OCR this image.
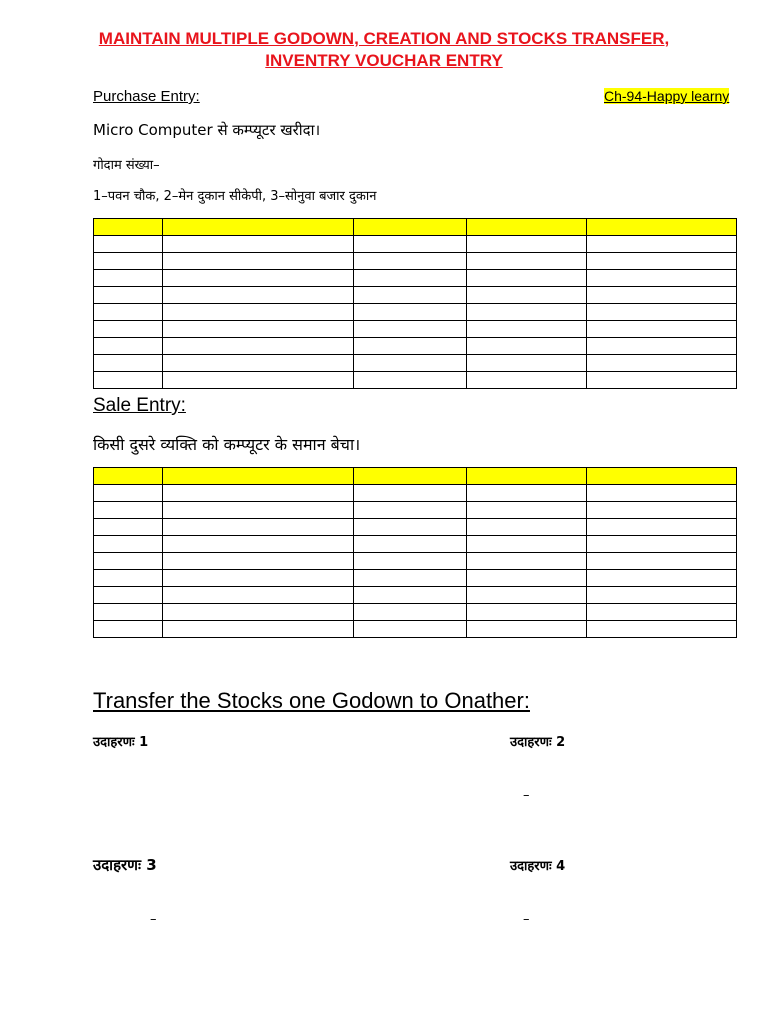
MAINTAIN MULTIPLE GODOWN, CREATION AND STOCKS TRANSFER,
INVENTRY VOUCHAR ENTRY
Purchase Entry:	Ch-94-Happy learny
Micro Computer से कम्प्यूटर खरीदा।
गोदाम संख्या–
1–पवन चौक, 2–मेन दुकान सीकेपी, 3–सोनुवा बजार दुकान

Sale Entry:
किसी दुसरे व्यक्ति को कम्प्यूटर के समान बेचा।

Transfer the Stocks one Godown to Onather:
उदाहरणः 1	उदाहरणः 2
–
उदाहरणः 3	उदाहरणः 4
–	–
